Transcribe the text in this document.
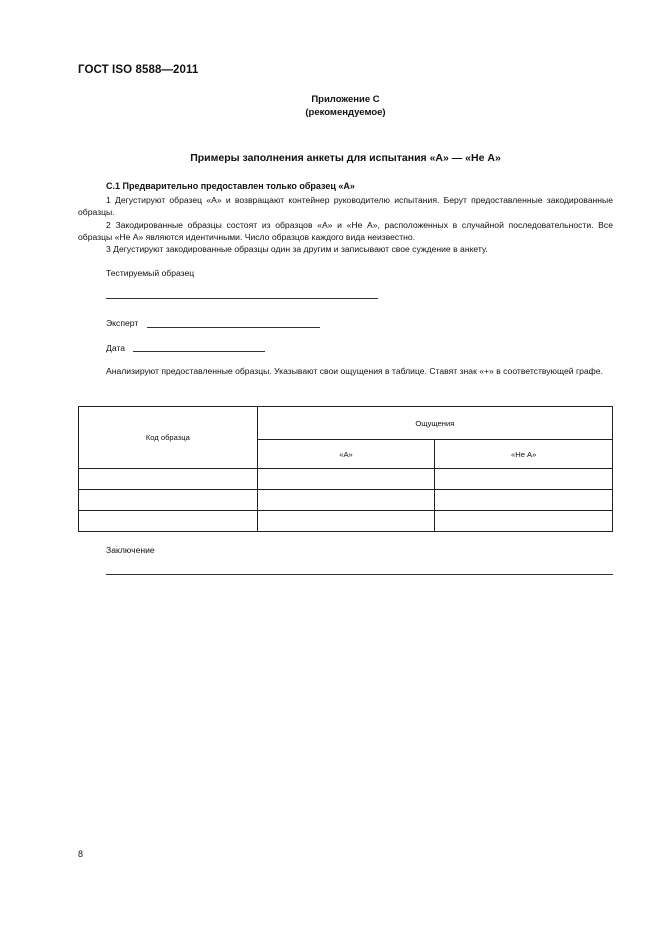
ГОСТ ISO 8588—2011
Приложение С
(рекомендуемое)
Примеры заполнения анкеты для испытания «А» — «Не А»
С.1 Предварительно предоставлен только образец «А»
1 Дегустируют образец «А» и возвращают контейнер руководителю испытания. Берут предоставленные закодированные образцы.
2 Закодированные образцы состоят из образцов «А» и «Не А», расположенных в случайной последовательности. Все образцы «Не А» являются идентичными. Число образцов каждого вида неизвестно.
3 Дегустируют закодированные образцы один за другим и записывают свое суждение в анкету.
Тестируемый образец
Эксперт
Дата
Анализируют предоставленные образцы. Указывают свои ощущения в таблице. Ставят знак «+» в соответствующей графе.
Код образца	Ощущения	
	«А»	«Не А»

Заключение
8
